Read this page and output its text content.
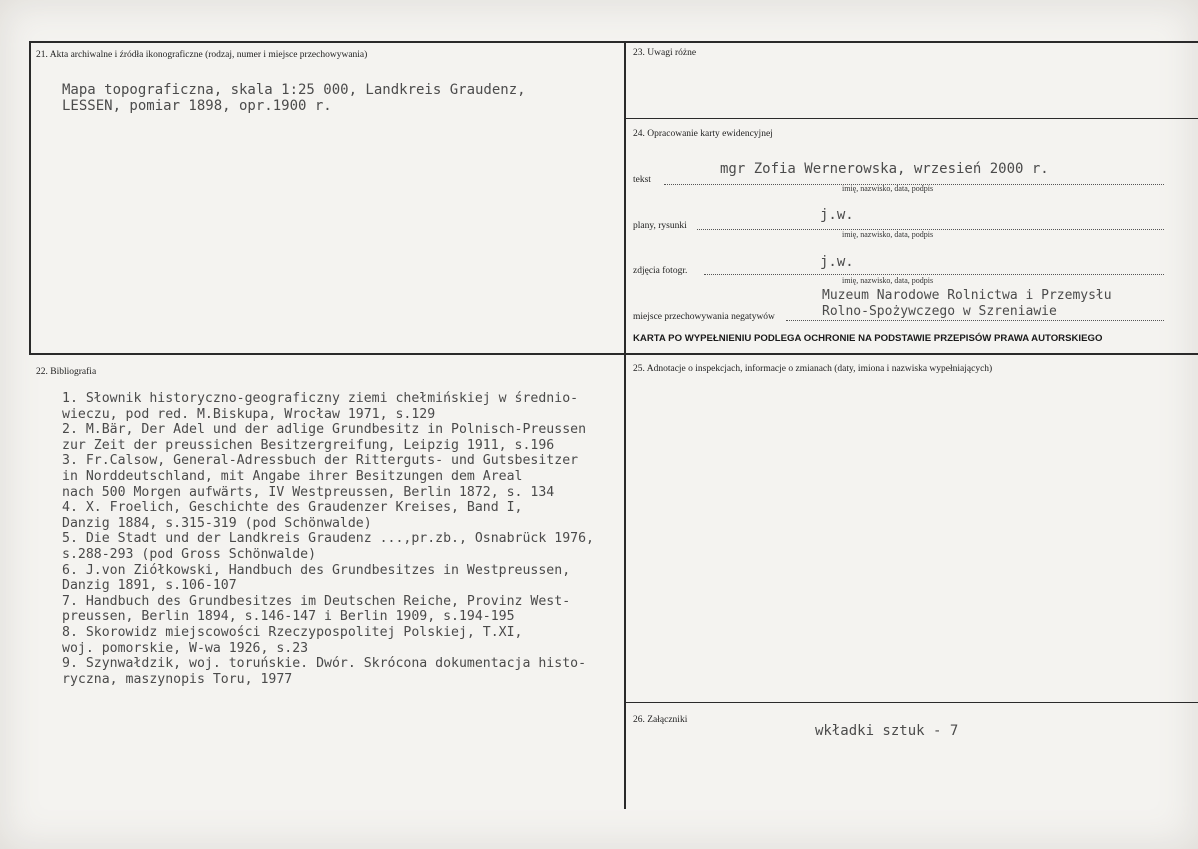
21. Akta archiwalne i źródła ikonograficzne (rodzaj, numer i miejsce przechowywania)
Mapa topograficzna, skala 1:25 000, Landkreis Graudenz,
LESSEN, pomiar 1898, opr.1900 r.
23. Uwagi różne
24. Opracowanie karty ewidencyjnej
tekst
mgr Zofia Wernerowska, wrzesień 2000 r.
imię, nazwisko, data, podpis
plany, rysunki
j.w.
imię, nazwisko, data, podpis
zdjęcia fotogr.
j.w.
imię, nazwisko, data, podpis
miejsce przechowywania negatywów
Muzeum Narodowe Rolnictwa i Przemysłu
Rolno-Spożywczego w Szreniawie
KARTA PO WYPEŁNIENIU PODLEGA OCHRONIE NA PODSTAWIE PRZEPISÓW PRAWA AUTORSKIEGO
22. Bibliografia
1. Słownik historyczno-geograficzny ziemi chełmińskiej w średnio-
wieczu, pod red. M.Biskupa, Wrocław 1971, s.129
2. M.Bär, Der Adel und der adlige Grundbesitz in Polnisch-Preussen
zur Zeit der preussichen Besitzergreifung, Leipzig 1911, s.196
3. Fr.Calsow, General-Adressbuch der Ritterguts- und Gutsbesitzer
in Norddeutschland, mit Angabe ihrer Besitzungen dem Areal
nach 500 Morgen aufwärts, IV Westpreussen, Berlin 1872, s. 134
4. X. Froelich, Geschichte des Graudenzer Kreises, Band I,
Danzig 1884, s.315-319 (pod Schönwalde)
5. Die Stadt und der Landkreis Graudenz ...,pr.zb., Osnabrück 1976,
s.288-293 (pod Gross Schönwalde)
6. J.von Ziółkowski, Handbuch des Grundbesitzes in Westpreussen,
Danzig 1891, s.106-107
7. Handbuch des Grundbesitzes im Deutschen Reiche, Provinz West-
preussen, Berlin 1894, s.146-147 i Berlin 1909, s.194-195
8. Skorowidz miejscowości Rzeczypospolitej Polskiej, T.XI,
woj. pomorskie, W-wa 1926, s.23
9. Szynwałdzik, woj. toruńskie. Dwór. Skrócona dokumentacja histo-
ryczna, maszynopis Toru, 1977
25. Adnotacje o inspekcjach, informacje o zmianach (daty, imiona i nazwiska wypełniających)
26. Załączniki
wkładki sztuk - 7
